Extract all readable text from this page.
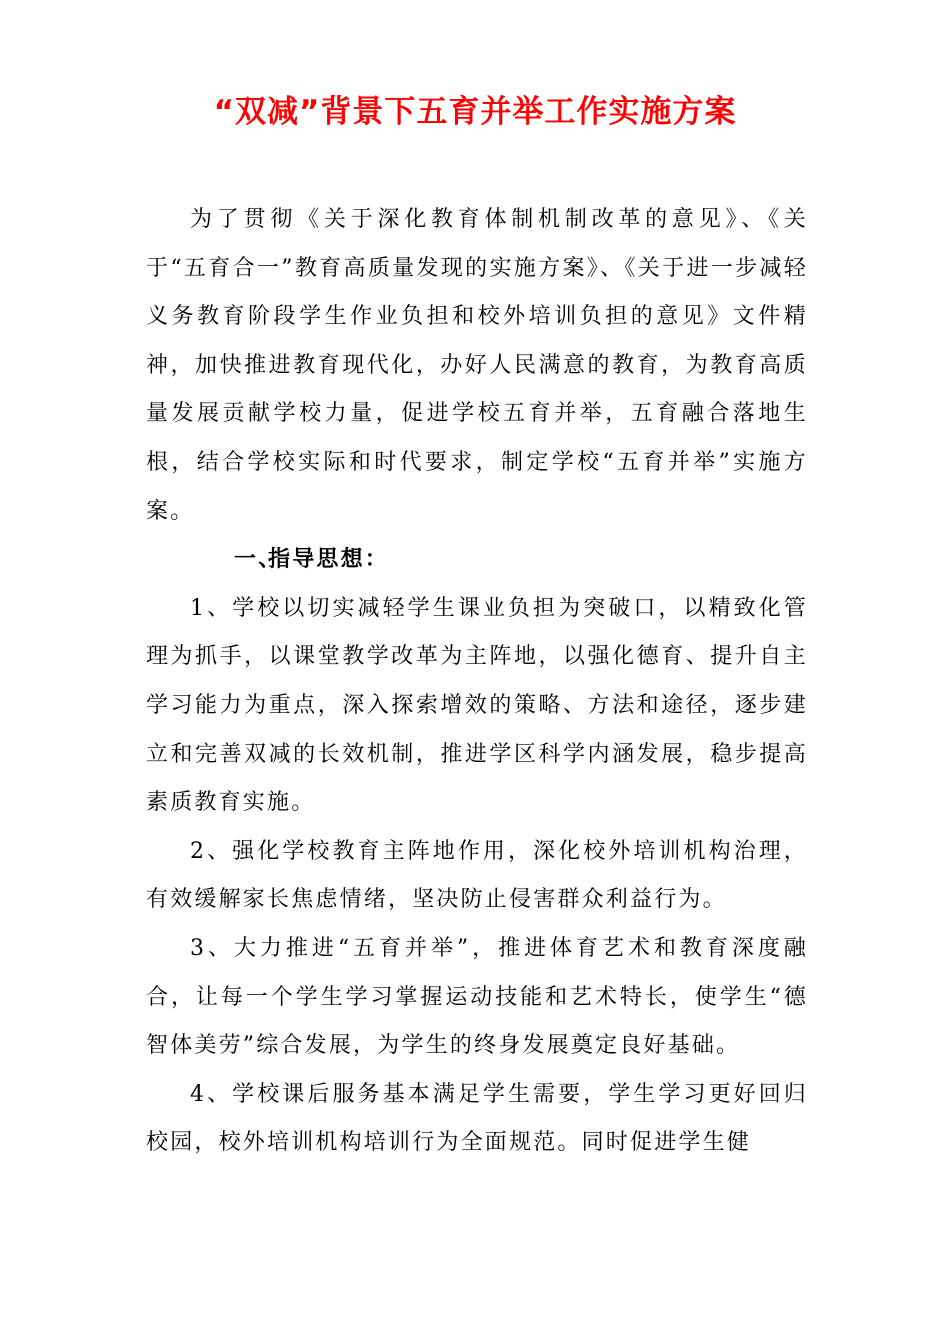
“双减”背景下五育并举工作实施方案

为了贯彻《关于深化教育体制机制改革的意见》、《关于“五育合一”教育高质量发现的实施方案》、《关于进一步减轻义务教育阶段学生作业负担和校外培训负担的意见》文件精神，加快推进教育现代化，办好人民满意的教育，为教育高质量发展贡献学校力量，促进学校五育并举，五育融合落地生根，结合学校实际和时代要求，制定学校“五育并举”实施方案。

一、指导思想：

1、学校以切实减轻学生课业负担为突破口，以精致化管理为抓手，以课堂教学改革为主阵地，以强化德育、提升自主学习能力为重点，深入探索增效的策略、方法和途径，逐步建立和完善双减的长效机制，推进学区科学内涵发展，稳步提高素质教育实施。

2、强化学校教育主阵地作用，深化校外培训机构治理，有效缓解家长焦虑情绪，坚决防止侵害群众利益行为。

3、大力推进“五育并举”，推进体育艺术和教育深度融合，让每一个学生学习掌握运动技能和艺术特长，使学生“德智体美劳”综合发展，为学生的终身发展奠定良好基础。

4、学校课后服务基本满足学生需要，学生学习更好回归校园，校外培训机构培训行为全面规范。同时促进学生健
